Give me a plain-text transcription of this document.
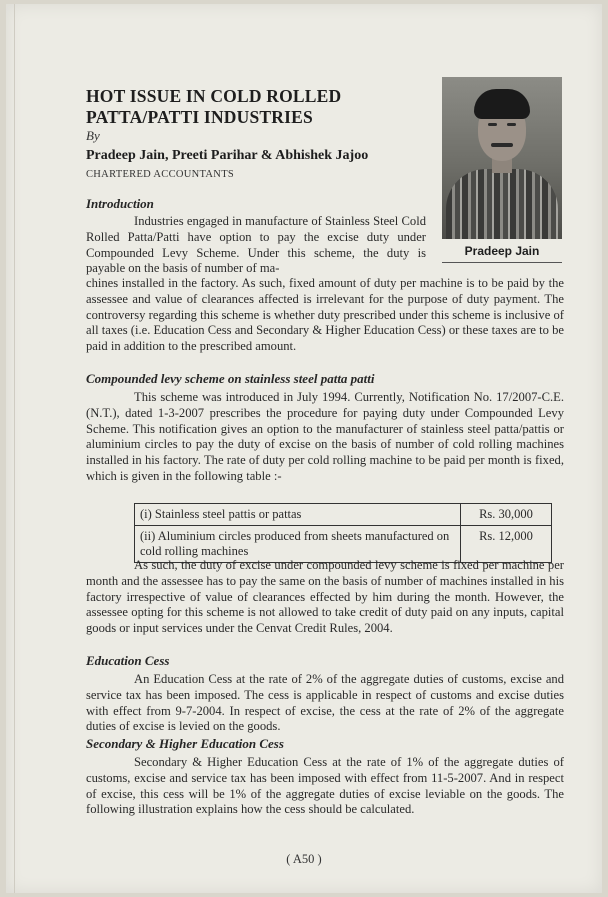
HOT ISSUE IN COLD ROLLED PATTA/PATTI INDUSTRIES
By
Pradeep Jain, Preeti Parihar & Abhishek Jajoo
CHARTERED ACCOUNTANTS
Pradeep Jain
Introduction

Industries engaged in manufacture of Stainless Steel Cold Rolled Patta/Patti have option to pay the excise duty under Compounded Levy Scheme. Under this scheme, the duty is payable on the basis of number of ma-

chines installed in the factory. As such, fixed amount of duty per machine is to be paid by the assessee and value of clearances affected is irrelevant for the purpose of duty payment. The controversy regarding this scheme is whether duty prescribed under this scheme is inclusive of all taxes (i.e. Education Cess and Secondary & Higher Education Cess) or these taxes are to be paid in addition to the prescribed amount.

Compounded levy scheme on stainless steel patta patti

This scheme was introduced in July 1994. Currently, Notification No. 17/2007-C.E. (N.T.), dated 1-3-2007 prescribes the procedure for paying duty under Compounded Levy Scheme. This notification gives an option to the manufacturer of stainless steel patta/pattis or aluminium circles to pay the duty of excise on the basis of number of cold rolling machines installed in his factory. The rate of duty per cold rolling machine to be paid per month is fixed, which is given in the following table :-

(i) Stainless steel pattis or pattas	Rs. 30,000
(ii) Aluminium circles produced from sheets manufactured on cold rolling machines	Rs. 12,000

As such, the duty of excise under compounded levy scheme is fixed per machine per month and the assessee has to pay the same on the basis of number of machines installed in his factory irrespective of value of clearances effected by him during the month. However, the assessee opting for this scheme is not allowed to take credit of duty paid on any inputs, capital goods or input services under the Cenvat Credit Rules, 2004.

Education Cess

An Education Cess at the rate of 2% of the aggregate duties of customs, excise and service tax has been imposed. The cess is applicable in respect of customs and excise duties with effect from 9-7-2004. In respect of excise, the cess at the rate of 2% of the aggregate duties of excise is levied on the goods.

Secondary & Higher Education Cess

Secondary & Higher Education Cess at the rate of 1% of the aggregate duties of customs, excise and service tax has been imposed with effect from 11-5-2007. And in respect of excise, this cess will be 1% of the aggregate duties of excise leviable on the goods. The following illustration explains how the cess should be calculated.

( A50 )
